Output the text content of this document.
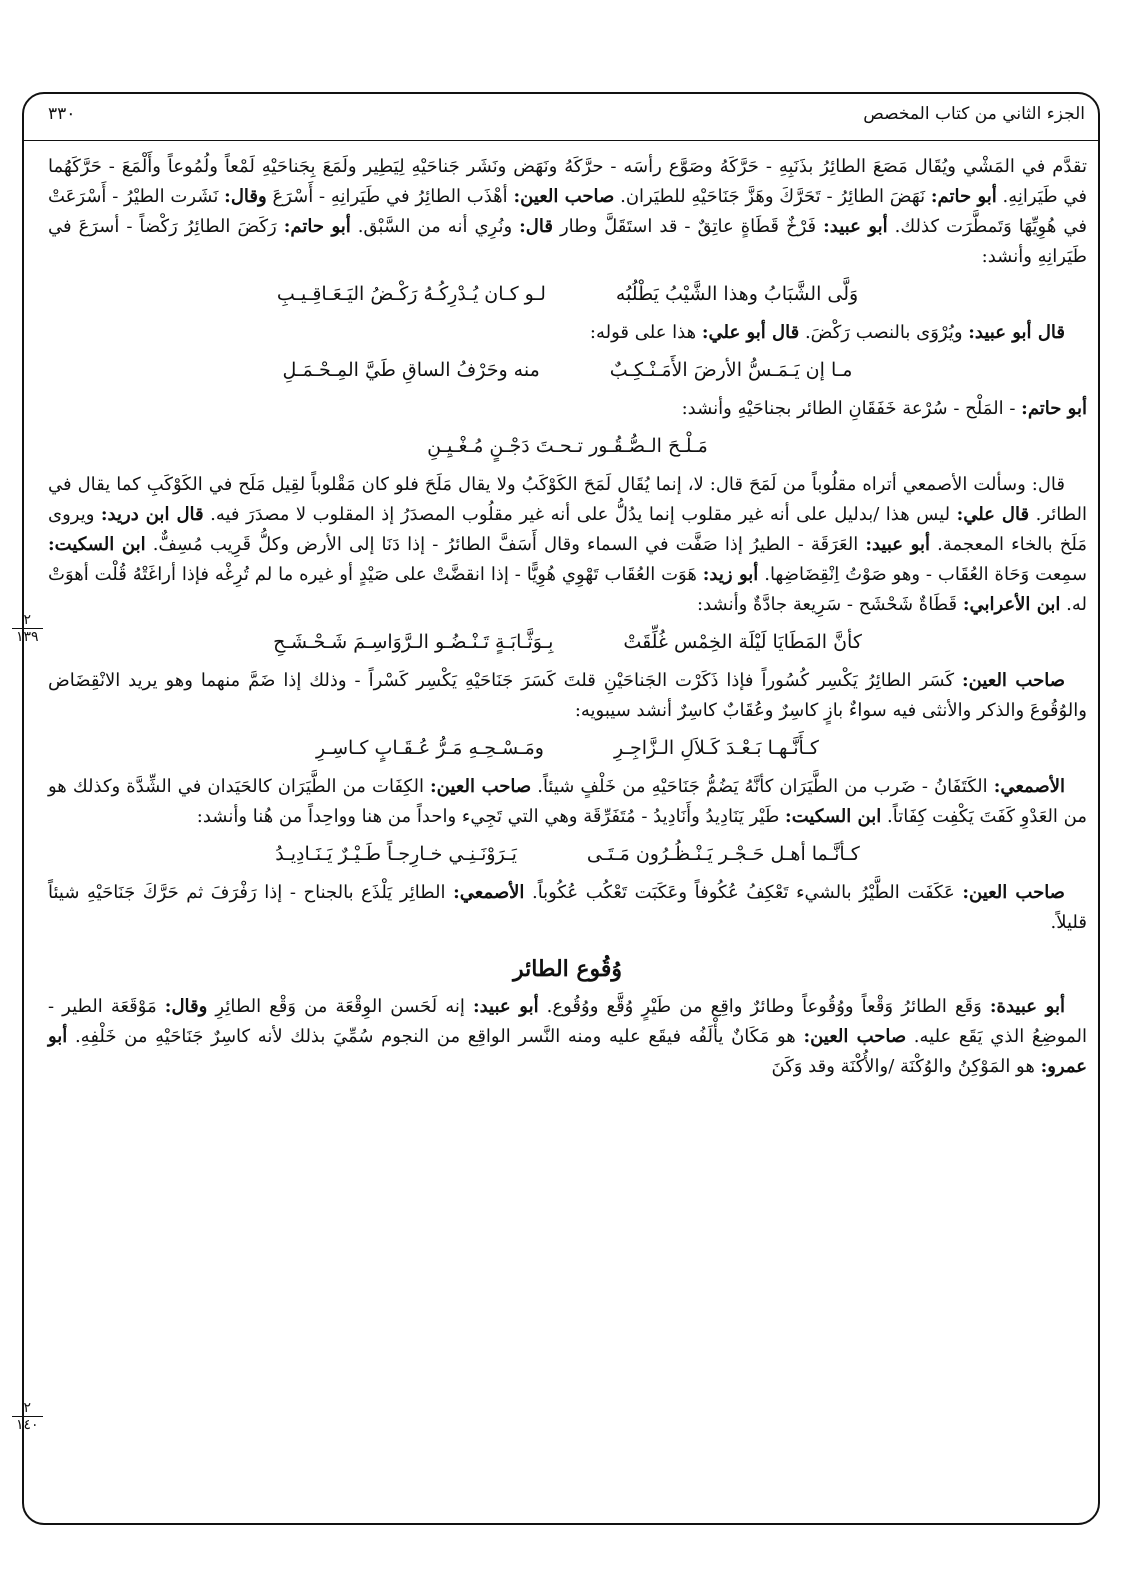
الجزء الثاني من كتاب المخصص
٣٣٠
٢
١٣٩
٢
١٤٠

تقدَّم في المَشْي ويُقَال مَصَعَ الطائِرُ بذَنَبِهِ - حَرَّكَهُ وصَوَّع رأسَه - حرَّكَهُ ونَهَض ونَشَر جَناحَيْهِ لِيَطِير ولَمَعَ بِجَناحَيْهِ لَمْعاً ولُمُوعاً وأَلْمَعَ - حَرَّكَهُما في طَيَرانِهِ. أبو حاتم: نَهَضَ الطائِرُ - تَحَرَّكَ وهَزَّ جَنَاحَيْهِ للطيَران. صاحب العين: أهْذَب الطائِرُ في طَيَرانِهِ - أَسْرَعَ وقال: نَشَرت الطيْرُ - أَسْرَعَتْ في هُوِيِّهَا وَتَمطَّرَت كذلك. أبو عبيد: فَرْخٌ قَطَاةٍ عاتِقٌ - قد استَقَلَّ وطار قال: ونُرِي أنه من السَّبْق. أبو حاتم: رَكَضَ الطائِرُ رَكْضاً - أسرَعَ في طَيَرانِهِ وأنشد:

وَلَّى الشَّبَابُ وهذا الشَّيْبُ يَطْلُبُه
لـو كـان يُـدْرِكُـهُ رَكْـضُ اليَـعَـاقِـيـبِ

قال أبو عبيد: ويُرْوَى بالنصب رَكْضَ. قال أبو علي: هذا على قوله:

مـا إن يَـمَـسُّ الأرضَ الأَمَـنْـكِـبٌ
منه وحَرْفُ الساقِ طَيَّ المِـحْـمَـلِ

أبو حاتم: - المَلْح - سُرْعة خَفَقَانِ الطائر بجناحَيْهِ وأنشد:

مَـلْـحَ الـصُّـقُـور تـحـتَ دَجْـنٍ مُـغْـيِـنِ

قال: وسألت الأصمعي أتراه مقلُوباً من لَمَحَ قال: لا، إنما يُقَال لَمَحَ الكَوْكَبُ ولا يقال مَلَحَ فلو كان مَقْلوباً لقِيل مَلَح في الكَوْكَبِ كما يقال في الطائر. قال علي: ليس هذا /بدليل على أنه غير مقلوب إنما يدُلُّ على أنه غير مقلُوب المصدَرُ إذ المقلوب لا مصدَرَ فيه. قال ابن دريد: ويروى مَلَخ بالخاء المعجمة. أبو عبيد: العَرَقَة - الطيرُ إذا صَفَّت في السماء وقال أَسَفَّ الطائرُ - إذا دَنَا إلى الأرض وكلُّ قَرِيب مُسِفٌّ. ابن السكيت: سمِعت وَحَاة العُقَاب - وهو صَوْتُ اِنْقِضَاضِها. أبو زيد: هَوَت العُقَاب تَهْوِي هُوِيًّا - إذا انقضَّتْ على صَيْدٍ أو غيره ما لم تُرِغْه فإذا أراغَتْهُ قُلْت أهوَتْ له. ابن الأعرابي: قَطَاةٌ شَحْشَح - سَرِيعة جادَّةٌ وأنشد:

كأنَّ المَطَايَا لَيْلَة الخِمْس غُلِّقَتْ
بِـوَثَّـابَـةٍ تَـنْـضُـو الـرَّوَاسِـمَ شَـحْـشَـحِ

صاحب العين: كَسَر الطائِرُ يَكْسِر كُسُوراً فإذا ذَكَرْت الجَناحَيْنِ قلتَ كَسَرَ جَنَاحَيْهِ يَكْسِر كَسْراً - وذلك إذا ضَمَّ منهما وهو يريد الانْقِضَاض والوُقُوعَ والذكر والأنثى فيه سواءٌ بازٍ كاسِرٌ وعُقَابٌ كاسِرٌ أنشد سيبويه:

كـأَنَّـهـا بَـعْـدَ كَـلاَلِ الـزَّاجِـرِ
ومَـسْـحِـهِ مَـرُّ عُـقَـابٍ كـاسِـرِ

الأصمعي: الكَتَفَانُ - ضَرب من الطَّيَرَان كأنَّهُ يَضُمُّ جَنَاحَيْهِ من خَلْفٍ شيئاً. صاحب العين: الكِفَات من الطَّيَرَان كالحَيَدان في الشِّدَّة وكذلك هو من العَدْوِ كَفَتَ يَكْفِت كِفَاتاً. ابن السكيت: طَيْر يَنَادِيدُ وأَنَادِيدُ - مُتَفَرِّقَة وهي التي تَجِيء واحداً من هنا وواحِداً من هُنا وأنشد:

كـأنَّـما أهـل حَـجْـر يَـنْـظُـرُون مَـتَـى
يَـرَوْنَـنِـي خـارِجـاً طَـيْـرٌ يَـنَـادِيـدُ

صاحب العين: عَكَفَت الطَّيْرُ بالشيء تَعْكِفُ عُكُوفاً وعَكَبَت تَعْكُب عُكُوباً. الأصمعي: الطائِر يَلْذَع بالجناح - إذا رَفْرَفَ ثم حَرَّكَ جَنَاحَيْهِ شيئاً قليلاً.

وُقُوع الطائر

أبو عبيدة: وَقَع الطائرُ وَقْعاً ووُقُوعاً وطائرٌ واقِع من طَيْرٍ وُقَّع ووُقُوع. أبو عبيد: إنه لَحَسن الوِقْعَة من وَقْع الطائِرِ وقال: مَوْقَعَة الطير - الموضِعُ الذي يَقَع عليه. صاحب العين: هو مَكَانٌ يأْلَفُه فيقَع عليه ومنه النَّسر الواقِع من النجوم سُمِّيَ بذلك لأنه كاسِرٌ جَنَاحَيْهِ من خَلْفِهِ. أبو عمرو: هو المَوْكِنُ والوُكْنَة /والأُكْنَة وقد وَكَنَ
